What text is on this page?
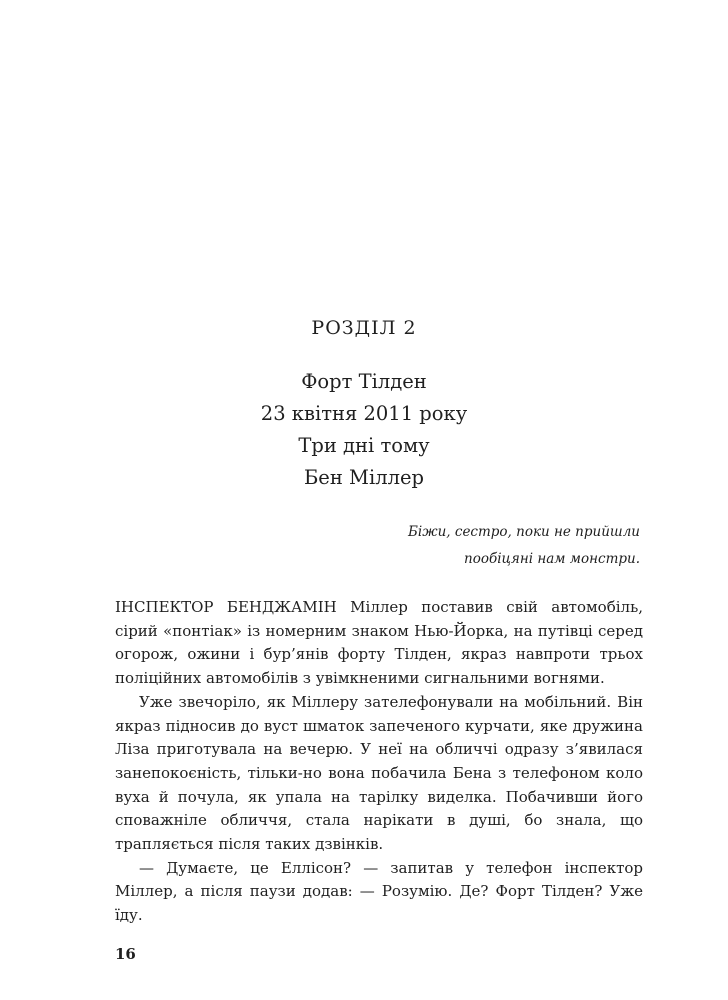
РОЗДІЛ 2
Форт Тілден
23 квітня 2011 року
Три дні тому
Бен Міллер
Біжи, сестро, поки не прийшли
пообіцяні нам монстри.

ІНСПЕКТОР БЕНДЖАМІН Міллер поставив свій автомобіль, сірий «понтіак» із номерним знаком Нью-Йорка, на путівці серед огорож, ожини і бур’янів форту Тілден, якраз навпроти трьох поліційних автомобілів з увімкненими сигнальними вогнями.

Уже звечоріло, як Міллеру зателефонували на мобільний. Він якраз підносив до вуст шматок запеченого курчати, яке дружина Ліза приготувала на вечерю. У неї на обличчі одразу з’явилася занепокоєність, тільки-но вона побачила Бена з телефоном коло вуха й почула, як упала на тарілку виделка. Побачивши його споважніле обличчя, стала нарікати в душі, бо знала, що трапляється після таких дзвінків.

— Думаєте, це Еллісон? — запитав у телефон інспектор Міллер, а після паузи додав: — Розумію. Де? Форт Тілден? Уже їду.

16
